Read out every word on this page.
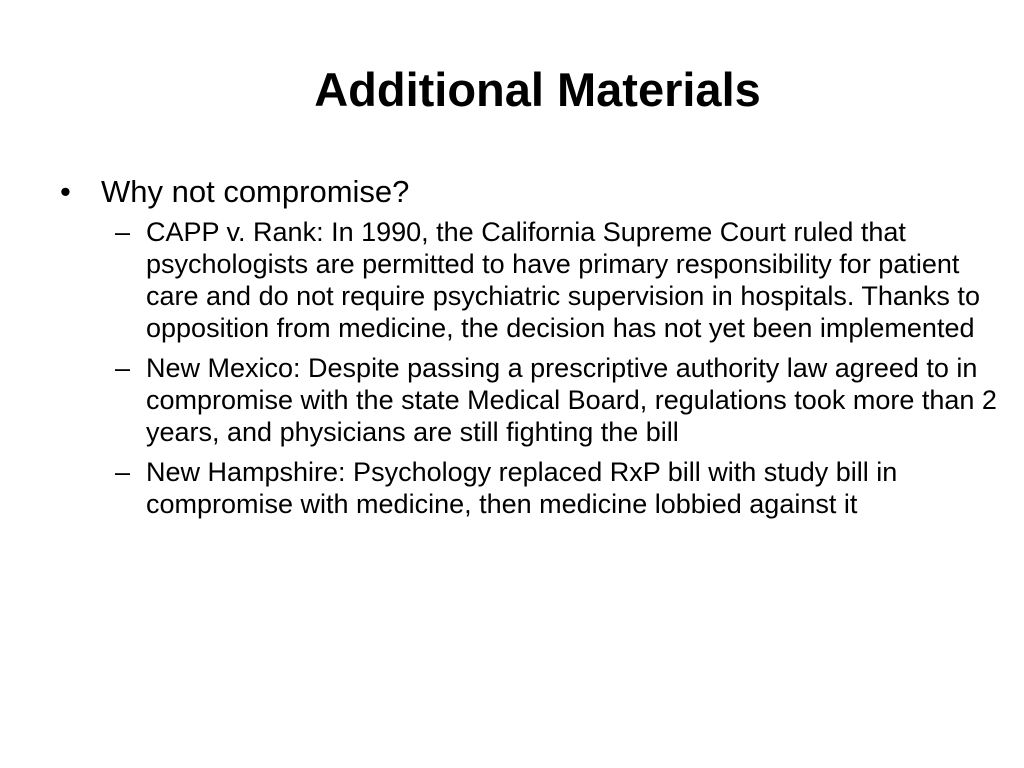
Additional Materials
• Why not compromise?
– CAPP v. Rank: In 1990, the California Supreme Court ruled that psychologists are permitted to have primary responsibility for patient care and do not require psychiatric supervision in hospitals. Thanks to opposition from medicine, the decision has not yet been implemented
– New Mexico: Despite passing a prescriptive authority law agreed to in compromise with the state Medical Board, regulations took more than 2 years, and physicians are still fighting the bill
– New Hampshire: Psychology replaced RxP bill with study bill in compromise with medicine, then medicine lobbied against it
